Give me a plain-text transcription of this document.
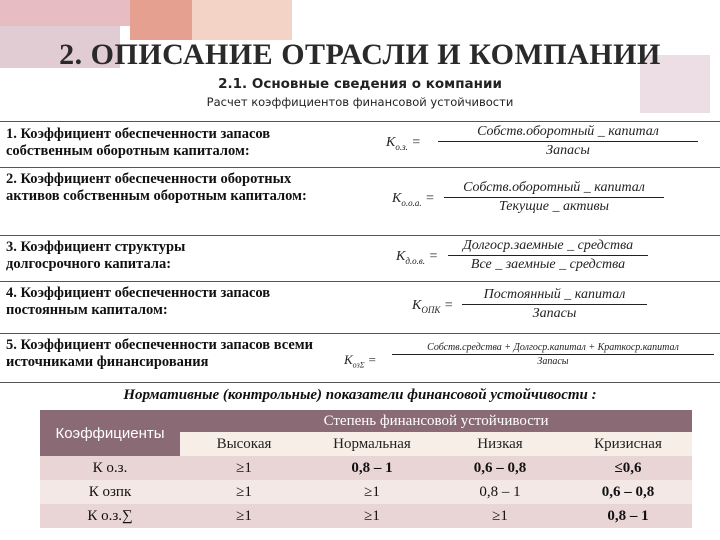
2. ОПИСАНИЕ ОТРАСЛИ И КОМПАНИИ
2.1. Основные сведения о компании
Расчет коэффициентов финансовой устойчивости
1. Коэффициент обеспеченности запасов собственным оборотным капиталом:
$K_{о.з.}$ =
Собств.оборотный _ капитал
Запасы
2. Коэффициент обеспеченности оборотных активов собственным оборотным капиталом:	$K_{о.о.а.}$ =
Собств.оборотный _ капитал
Текущие _ активы
3. Коэффициент структуры долгосрочного капитала:	$K_{д.о.в.}$ =
Долгоср.заемные _ средства
Все _ заемные _ средства
4. Коэффициент обеспеченности запасов постоянным капиталом:	$K_{ОПК}$ =
Постоянный _ капитал
Запасы
5. Коэффициент обеспеченности запасов всеми источниками финансирования	$K_{оз\Sigma}$ =
Собств.средства + Долгоср.капитал + Краткоср.капитал
Запасы
Нормативные (контрольные) показатели финансовой устойчивости :
Коэффициенты	Степень финансовой устойчивости			
	Высокая	Нормальная	Низкая	Кризисная
К о.з.	≥1	0,8 – 1	0,6 – 0,8	≤0,6
К озпк	≥1	≥1	0,8 – 1	0,6 – 0,8
К о.з.∑	≥1	≥1	≥1	0,8 – 1
